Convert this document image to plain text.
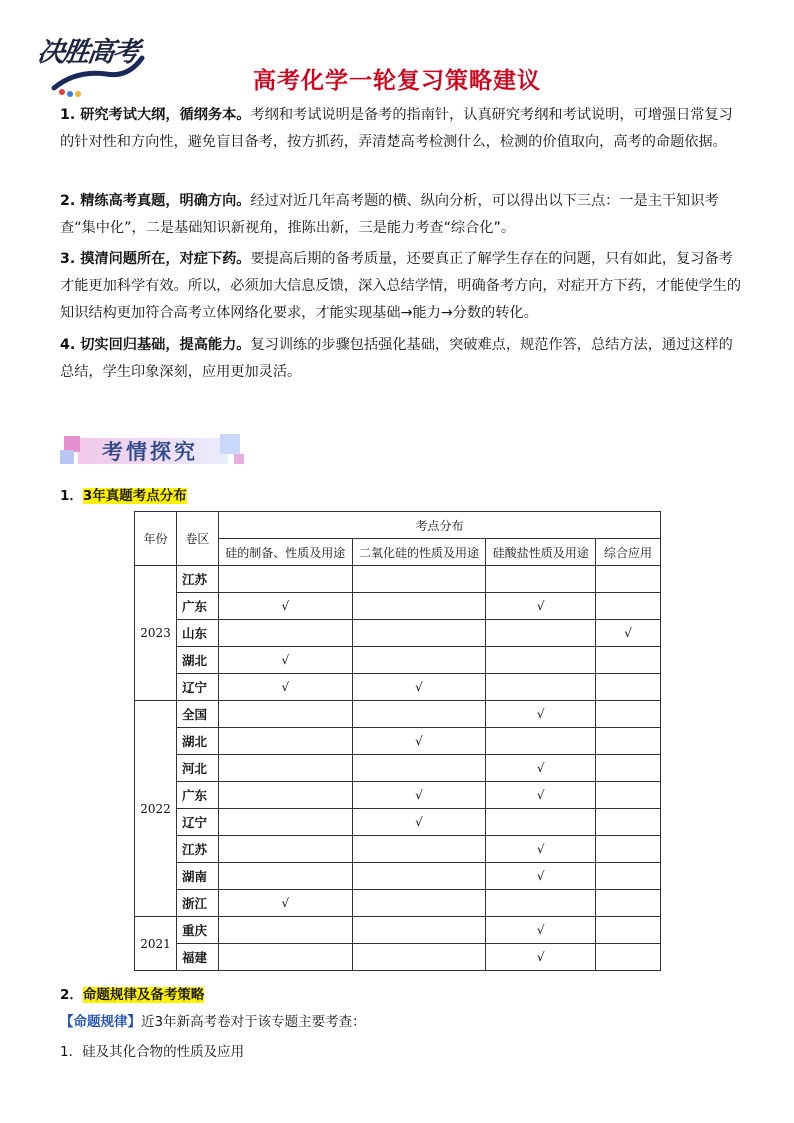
决胜高考
高考化学一轮复习策略建议
1. 研究考试大纲，循纲务本。考纲和考试说明是备考的指南针，认真研究考纲和考试说明，可增强日常复习的针对性和方向性，避免盲目备考，按方抓药，弄清楚高考检测什么，检测的价值取向，高考的命题依据。
2. 精练高考真题，明确方向。经过对近几年高考题的横、纵向分析，可以得出以下三点：一是主干知识考查“集中化”，二是基础知识新视角，推陈出新，三是能力考查“综合化”。
3. 摸清问题所在，对症下药。要提高后期的备考质量，还要真正了解学生存在的问题，只有如此，复习备考才能更加科学有效。所以，必须加大信息反馈，深入总结学情，明确备考方向，对症开方下药，才能使学生的知识结构更加符合高考立体网络化要求，才能实现基础→能力→分数的转化。
4. 切实回归基础，提高能力。复习训练的步骤包括强化基础，突破难点，规范作答，总结方法，通过这样的总结，学生印象深刻，应用更加灵活。
考情探究
1．3年真题考点分布
年份	卷区	考点分布			
		硅的制备、性质及用途	二氧化硅的性质及用途	硅酸盐性质及用途	综合应用
2023	江苏				
	广东	√		√	
	山东				√
	湖北	√			
	辽宁	√	√		
2022	全国			√	
	湖北		√		
	河北			√	
	广东		√	√	
	辽宁		√		
	江苏			√	
	湖南			√	
	浙江	√			
2021	重庆			√	
	福建			√	
2．命题规律及备考策略
【命题规律】近3年新高考卷对于该专题主要考查：
1．硅及其化合物的性质及应用
